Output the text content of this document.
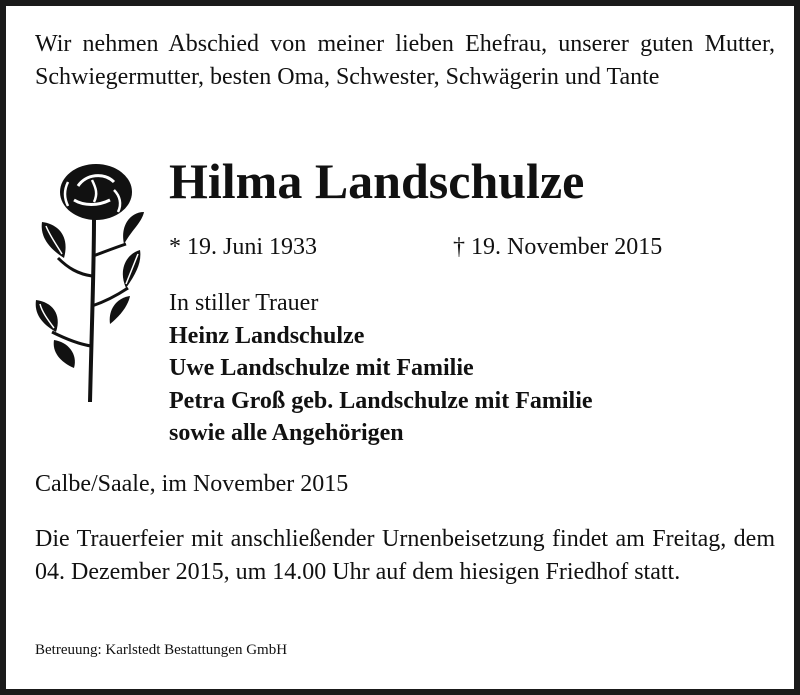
Wir nehmen Abschied von meiner lieben Ehefrau, unserer guten Mutter, Schwiegermutter, besten Oma, Schwester, Schwägerin und Tante
Hilma Landschulze
* 19. Juni 1933	† 19. November 2015
In stiller Trauer
Heinz Landschulze
Uwe Landschulze mit Familie
Petra Groß geb. Landschulze mit Familie
sowie alle Angehörigen
Calbe/Saale, im November 2015
Die Trauerfeier mit anschließender Urnenbeisetzung findet am Freitag, dem 04. Dezember 2015, um 14.00 Uhr auf dem hiesigen Friedhof statt.
Betreuung: Karlstedt Bestattungen GmbH
